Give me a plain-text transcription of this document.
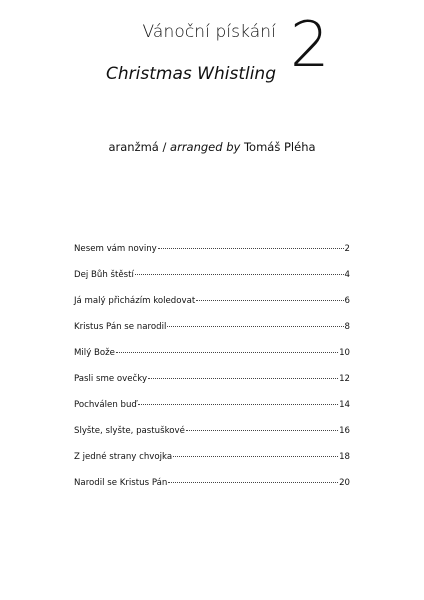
Vánoční pískání
Christmas Whistling 2
aranžmá / arranged by Tomáš Pléha
Nesem vám noviny	2
Dej Bůh štěstí	4
Já malý přicházím koledovat	6
Kristus Pán se narodil	8
Milý Bože	10
Pasli sme ovečky	12
Pochválen buď	14
Slyšte, slyšte, pastuškové	16
Z jedné strany chvojka	18
Narodil se Kristus Pán	20
